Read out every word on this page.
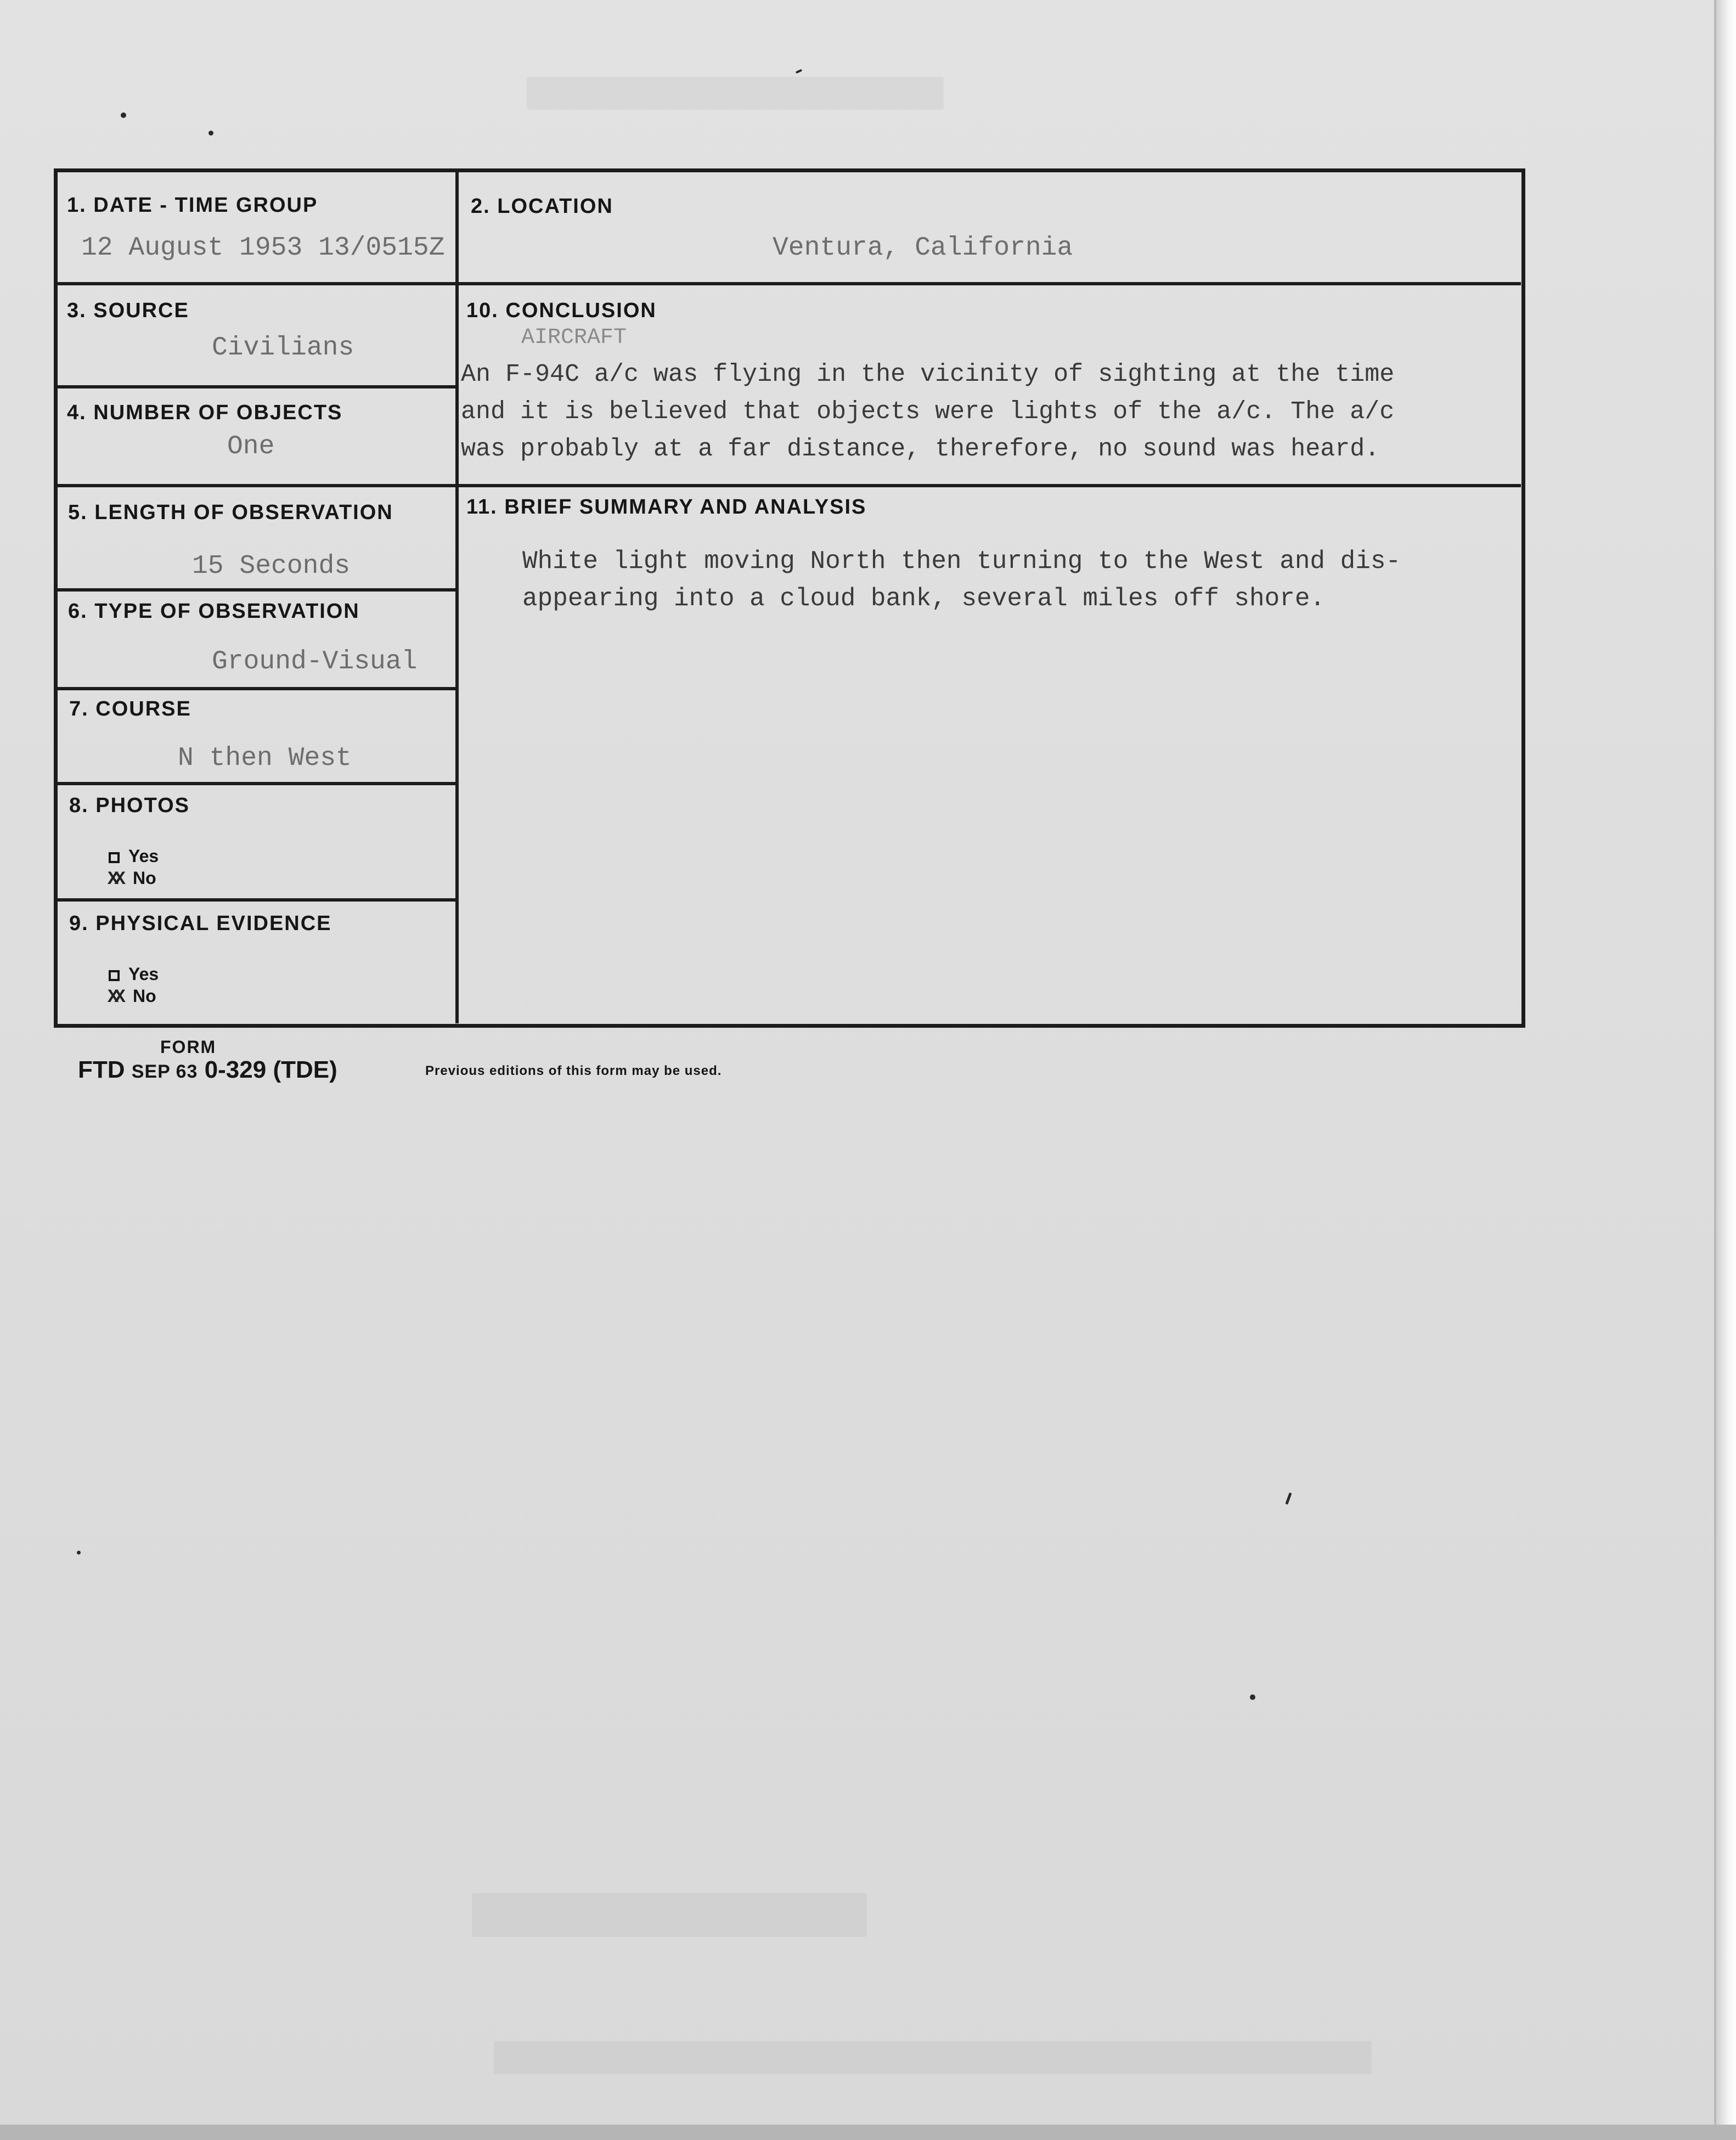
1. DATE - TIME GROUP
12 August 1953 13/0515Z
2. LOCATION
Ventura, California
3. SOURCE
Civilians
4. NUMBER OF OBJECTS
One
5. LENGTH OF OBSERVATION
15 Seconds
6. TYPE OF OBSERVATION
Ground-Visual
7. COURSE
N then West
8. PHOTOS
Yes
XX No
9. PHYSICAL EVIDENCE
Yes
XX No
10. CONCLUSION
AIRCRAFT
An F-94C a/c was flying in the vicinity of sighting at the time
and it is believed that objects were lights of the a/c. The a/c
was probably at a far distance, therefore, no sound was heard.
11. BRIEF SUMMARY AND ANALYSIS
White light moving North then turning to the West and dis-
appearing into a cloud bank, several miles off shore.
FORM
FTD SEP 63 0-329 (TDE)	Previous editions of this form may be used.
